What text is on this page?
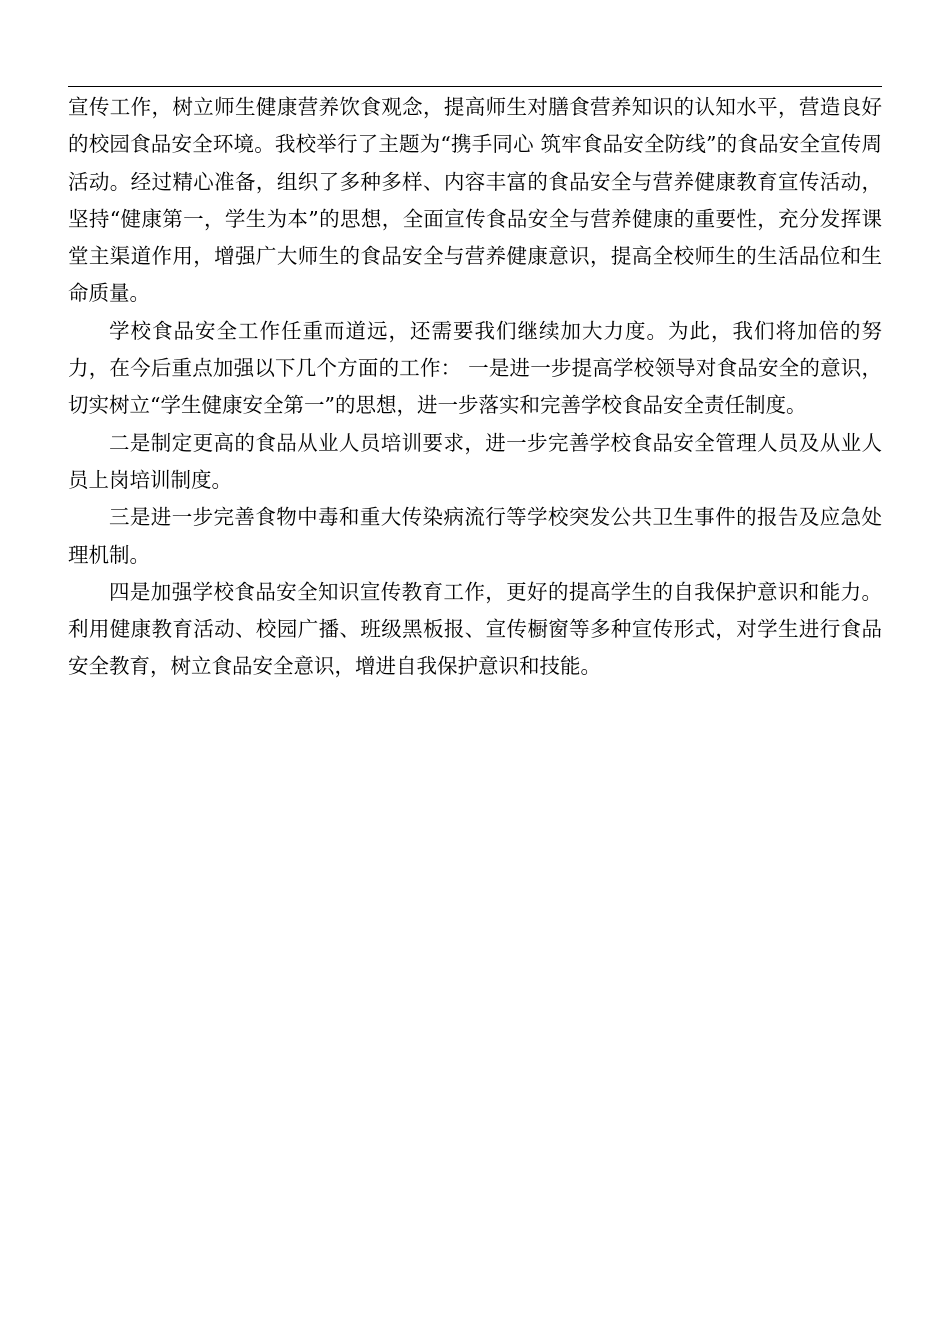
宣传工作，树立师生健康营养饮食观念，提高师生对膳食营养知识的认知水平，营造良好的校园食品安全环境。我校举行了主题为“携手同心 筑牢食品安全防线”的食品安全宣传周活动。经过精心准备，组织了多种多样、内容丰富的食品安全与营养健康教育宣传活动，坚持“健康第一，学生为本”的思想，全面宣传食品安全与营养健康的重要性，充分发挥课堂主渠道作用，增强广大师生的食品安全与营养健康意识，提高全校师生的生活品位和生命质量。

学校食品安全工作任重而道远，还需要我们继续加大力度。为此，我们将加倍的努力，在今后重点加强以下几个方面的工作： 一是进一步提高学校领导对食品安全的意识，切实树立“学生健康安全第一”的思想，进一步落实和完善学校食品安全责任制度。

二是制定更高的食品从业人员培训要求，进一步完善学校食品安全管理人员及从业人员上岗培训制度。

三是进一步完善食物中毒和重大传染病流行等学校突发公共卫生事件的报告及应急处理机制。

四是加强学校食品安全知识宣传教育工作，更好的提高学生的自我保护意识和能力。利用健康教育活动、校园广播、班级黑板报、宣传橱窗等多种宣传形式，对学生进行食品安全教育，树立食品安全意识，增进自我保护意识和技能。
